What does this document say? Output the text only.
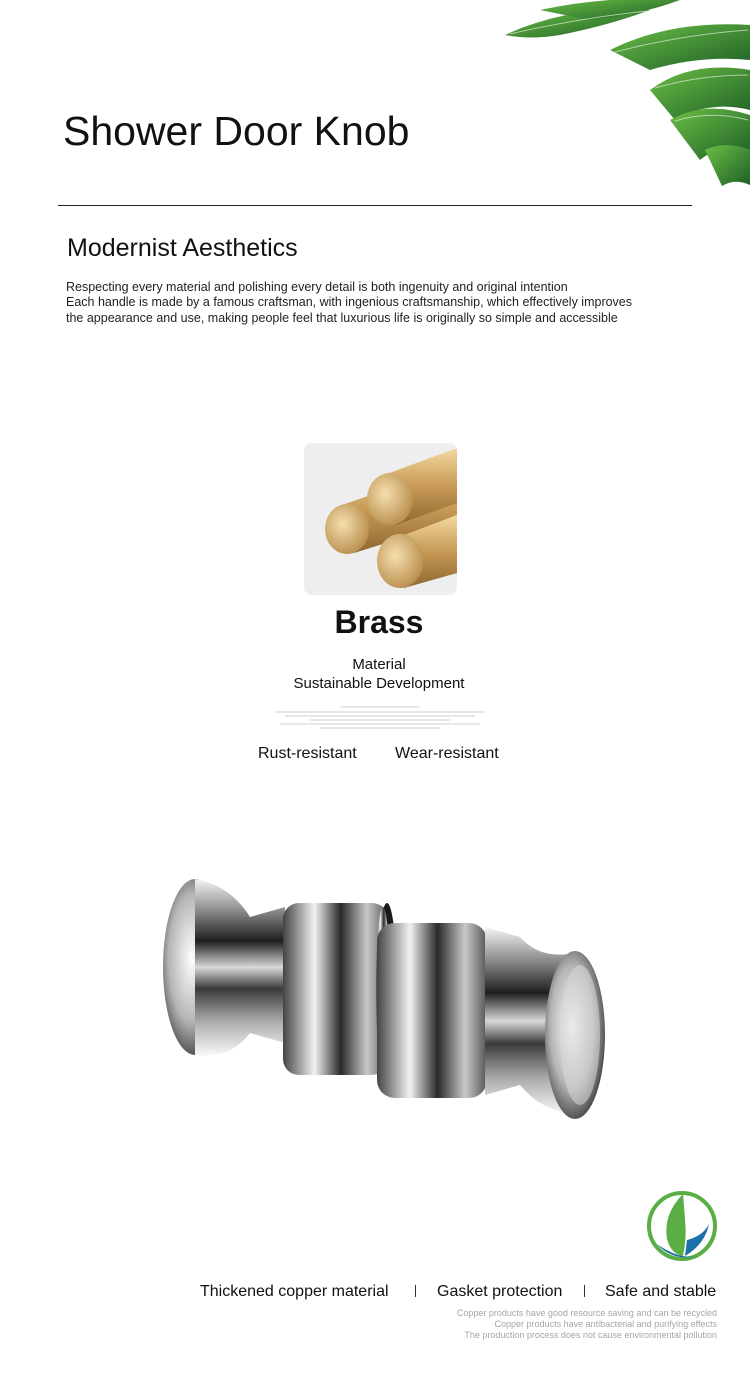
Shower Door Knob
Modernist Aesthetics
Respecting every material and polishing every detail is both ingenuity and original intention
Each handle is made by a famous craftsman, with ingenious craftsmanship, which effectively improves
the appearance and use, making people feel that luxurious life is originally so simple and accessible
Brass
Material
Sustainable Development
Rust-resistant Wear-resistant
Thickened copper material	Gasket protection	Safe and stable
Copper products have good resource saving and can be recycled
Copper products have antibacterial and purifying effects
The production process does not cause environmental pollution
